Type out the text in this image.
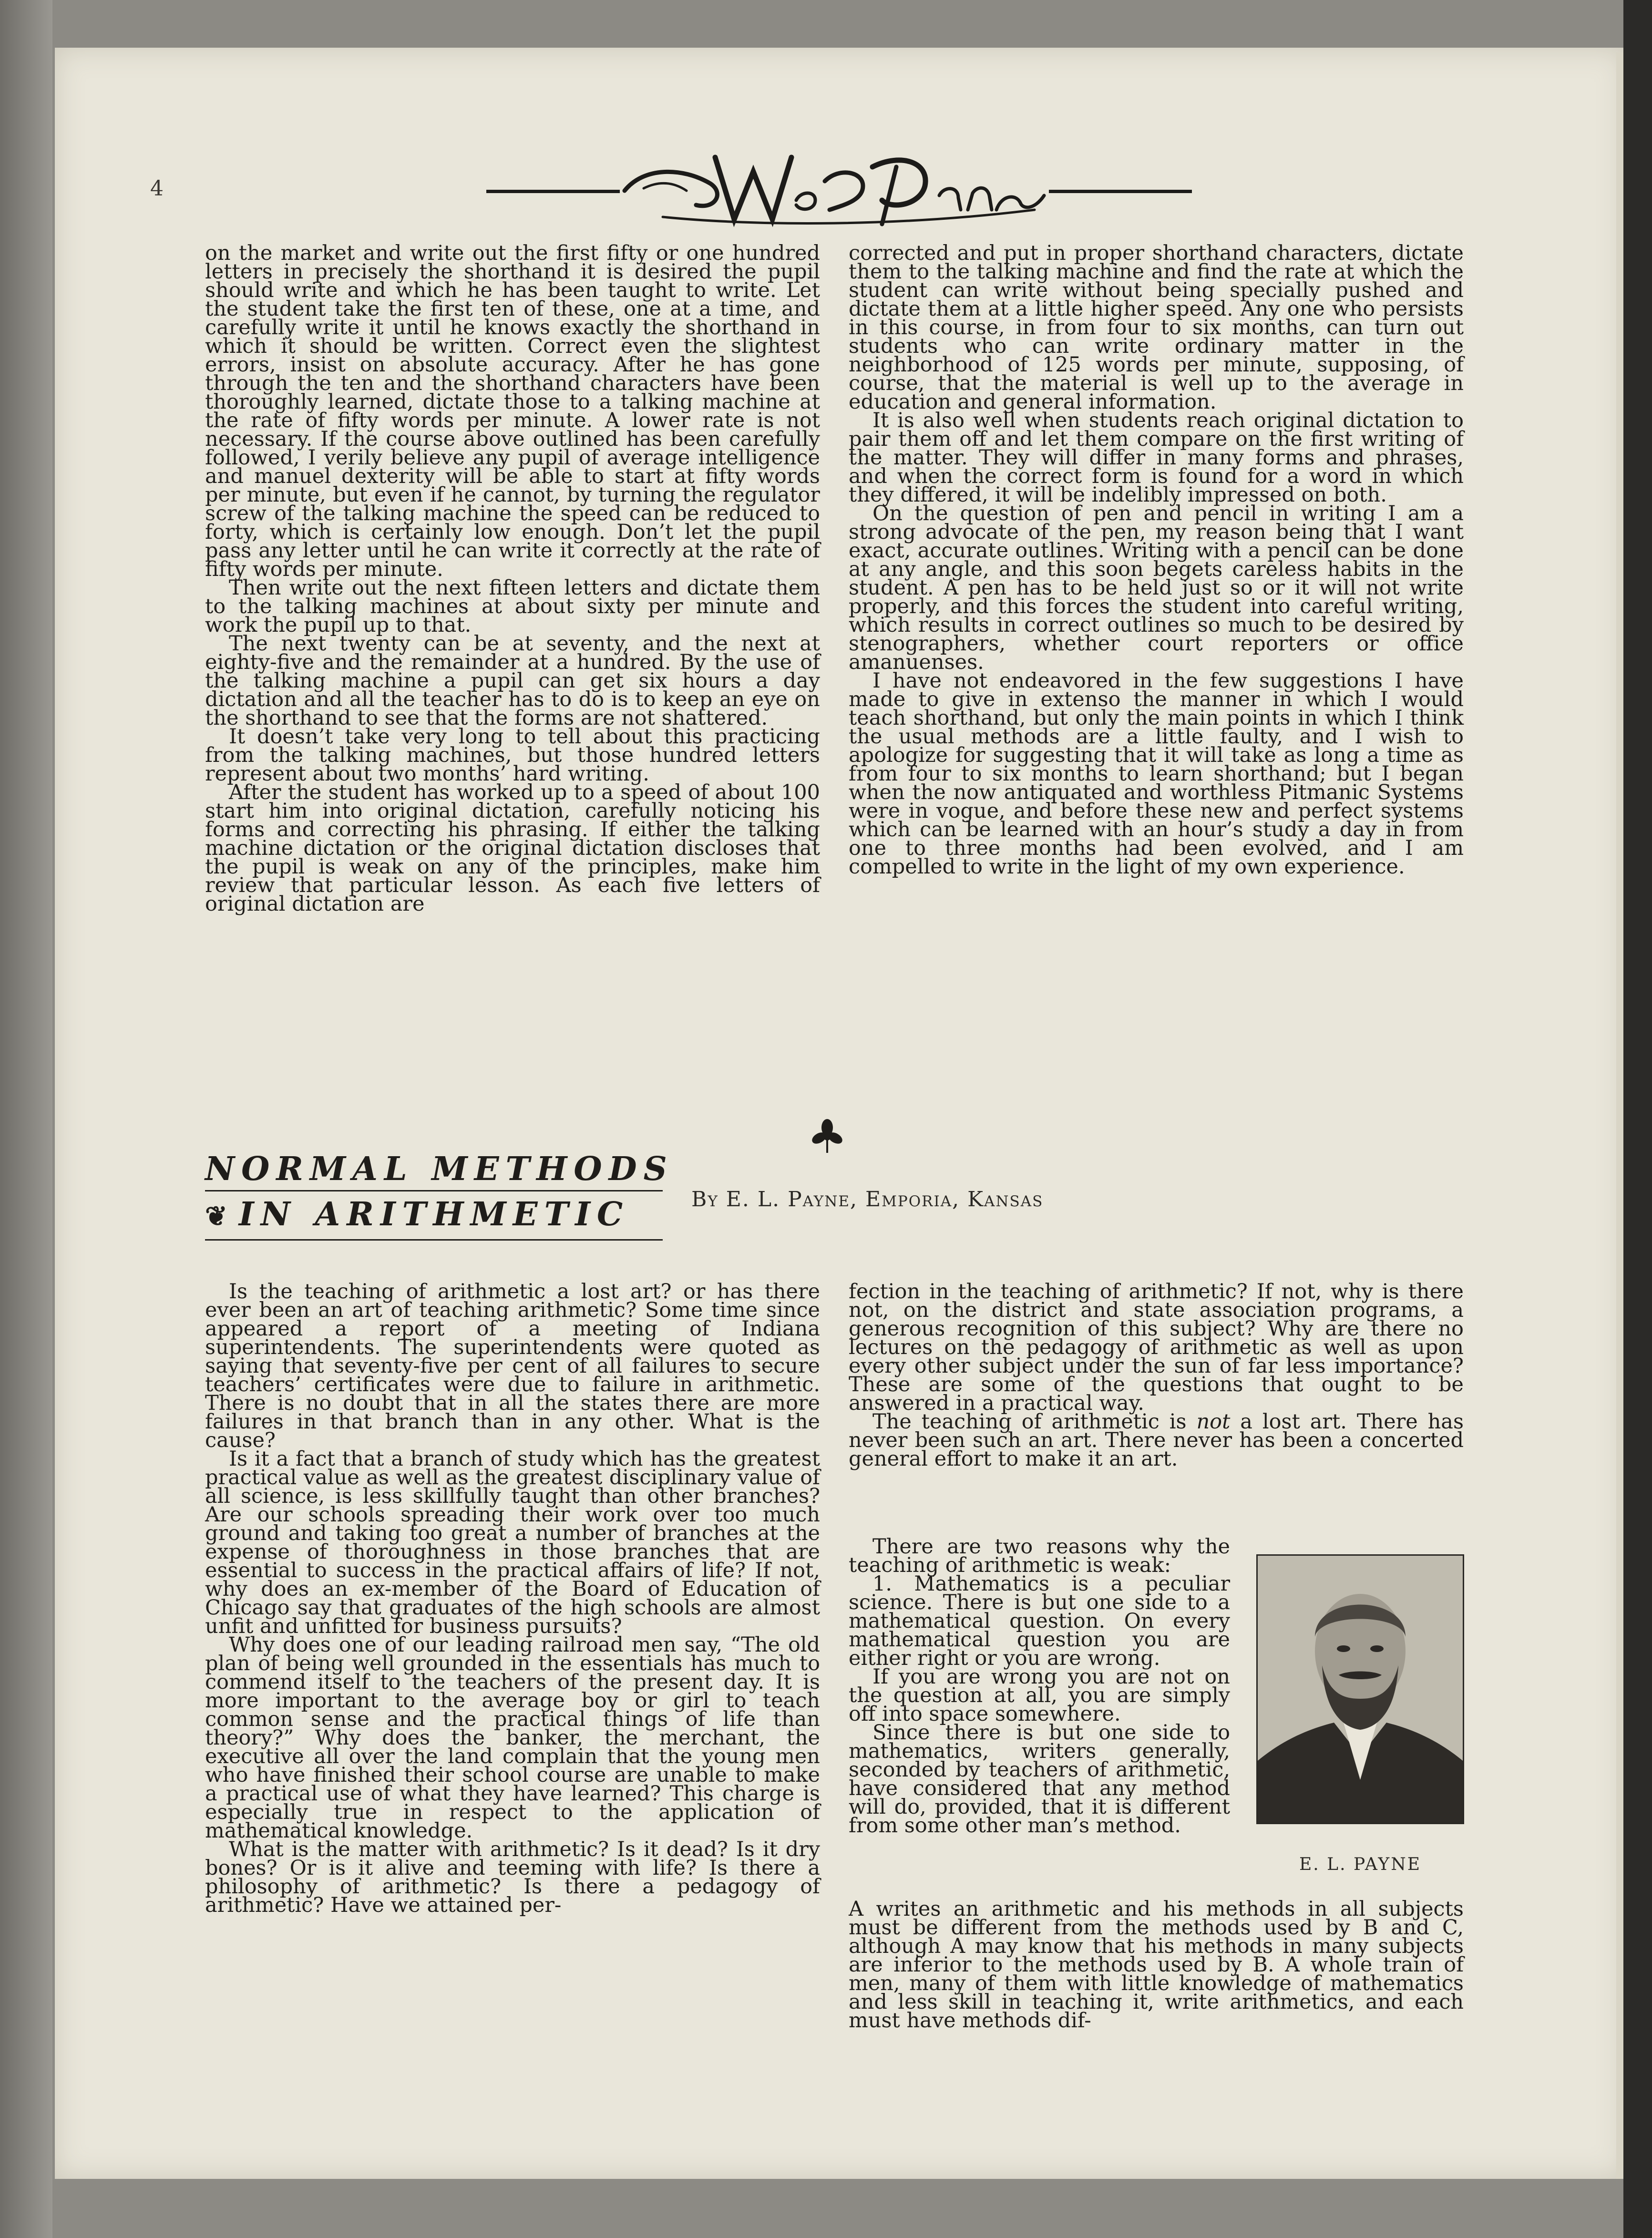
4

on the market and write out the first fifty or one hundred letters in precisely the shorthand it is desired the pupil should write and which he has been taught to write. Let the student take the first ten of these, one at a time, and carefully write it until he knows exactly the shorthand in which it should be written. Correct even the slightest errors, insist on absolute accuracy. After he has gone through the ten and the shorthand characters have been thoroughly learned, dictate those to a talking machine at the rate of fifty words per minute. A lower rate is not necessary. If the course above outlined has been carefully followed, I verily believe any pupil of average intelligence and manuel dexterity will be able to start at fifty words per minute, but even if he cannot, by turning the regulator screw of the talking machine the speed can be reduced to forty, which is certainly low enough. Don’t let the pupil pass any letter until he can write it correctly at the rate of fifty words per minute.

Then write out the next fifteen letters and dictate them to the talking machines at about sixty per minute and work the pupil up to that.

The next twenty can be at seventy, and the next at eighty-five and the remainder at a hundred. By the use of the talking machine a pupil can get six hours a day dictation and all the teacher has to do is to keep an eye on the shorthand to see that the forms are not shattered.

It doesn’t take very long to tell about this practicing from the talking machines, but those hundred letters represent about two months’ hard writing.

After the student has worked up to a speed of about 100 start him into original dictation, carefully noticing his forms and correcting his phrasing. If either the talking machine dictation or the original dictation discloses that the pupil is weak on any of the principles, make him review that particular lesson. As each five letters of original dictation are

corrected and put in proper shorthand characters, dictate them to the talking machine and find the rate at which the student can write without being specially pushed and dictate them at a little higher speed. Any one who persists in this course, in from four to six months, can turn out students who can write ordinary matter in the neighborhood of 125 words per minute, supposing, of course, that the material is well up to the average in education and general information.

It is also well when students reach original dictation to pair them off and let them compare on the first writing of the matter. They will differ in many forms and phrases, and when the correct form is found for a word in which they differed, it will be indelibly impressed on both.

On the question of pen and pencil in writing I am a strong advocate of the pen, my reason being that I want exact, accurate outlines. Writing with a pencil can be done at any angle, and this soon begets careless habits in the student. A pen has to be held just so or it will not write properly, and this forces the student into careful writing, which results in correct outlines so much to be desired by stenographers, whether court reporters or office amanuenses.

I have not endeavored in the few suggestions I have made to give in extenso the manner in which I would teach shorthand, but only the main points in which I think the usual methods are a little faulty, and I wish to apologize for suggesting that it will take as long a time as from four to six months to learn shorthand; but I began when the now antiquated and worthless Pitmanic Systems were in vogue, and before these new and perfect systems which can be learned with an hour’s study a day in from one to three months had been evolved, and I am compelled to write in the light of my own experience.

NORMAL METHODS
❦ IN ARITHMETIC	By E. L. Payne, Emporia, Kansas

Is the teaching of arithmetic a lost art? or has there ever been an art of teaching arithmetic? Some time since appeared a report of a meeting of Indiana superintendents. The superintendents were quoted as saying that seventy-five per cent of all failures to secure teachers’ certificates were due to failure in arithmetic. There is no doubt that in all the states there are more failures in that branch than in any other. What is the cause?

Is it a fact that a branch of study which has the greatest practical value as well as the greatest disciplinary value of all science, is less skillfully taught than other branches? Are our schools spreading their work over too much ground and taking too great a number of branches at the expense of thoroughness in those branches that are essential to success in the practical affairs of life? If not, why does an ex-member of the Board of Education of Chicago say that graduates of the high schools are almost unfit and unfitted for business pursuits?

Why does one of our leading railroad men say, “The old plan of being well grounded in the essentials has much to commend itself to the teachers of the present day. It is more important to the average boy or girl to teach common sense and the practical things of life than theory?” Why does the banker, the merchant, the executive all over the land complain that the young men who have finished their school course are unable to make a practical use of what they have learned? This charge is especially true in respect to the application of mathematical knowledge.

What is the matter with arithmetic? Is it dead? Is it dry bones? Or is it alive and teeming with life? Is there a philosophy of arithmetic? Is there a pedagogy of arithmetic? Have we attained per-

fection in the teaching of arithmetic? If not, why is there not, on the district and state association programs, a generous recognition of this subject? Why are there no lectures on the pedagogy of arithmetic as well as upon every other subject under the sun of far less importance? These are some of the questions that ought to be answered in a practical way.

The teaching of arithmetic is not a lost art. There has never been such an art. There never has been a concerted general effort to make it an art.

There are two reasons why the teaching of arithmetic is weak:

1. Mathematics is a peculiar science. There is but one side to a mathematical question. On every mathematical question you are either right or you are wrong.

If you are wrong you are not on the question at all, you are simply off into space somewhere.

Since there is but one side to mathematics, writers generally, seconded by teachers of arithmetic, have considered that any method will do, provided, that it is different from some other man’s method.

E. L. PAYNE

A writes an arithmetic and his methods in all subjects must be different from the methods used by B and C, although A may know that his methods in many subjects are inferior to the methods used by B. A whole train of men, many of them with little knowledge of mathematics and less skill in teaching it, write arithmetics, and each must have methods dif-
